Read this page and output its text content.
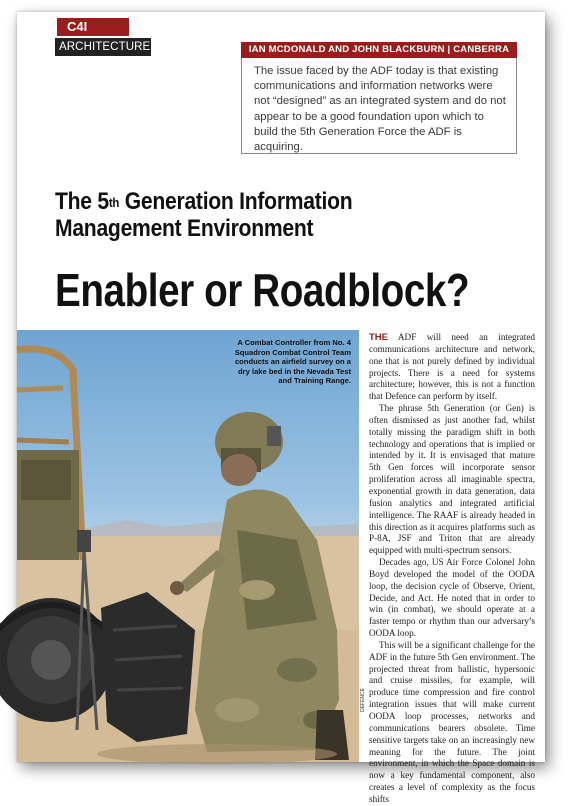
C4I
ARCHITECTURE	IAN MCDONALD AND JOHN BLACKBURN | CANBERRA
The issue faced by the ADF today is that existing communications and information networks were not “designed” as an integrated system and do not appear to be a good foundation upon which to build the 5th Generation Force the ADF is acquiring.
The 5th Generation Information
Management Environment
Enabler or Roadblock?
A Combat Controller from No. 4 Squadron Combat Control Team conducts an airfield survey on a dry lake bed in the Nevada Test and Training Range.
DEFENCE

THE ADF will need an integrated communications architecture and network, one that is not purely defined by individual projects. There is a need for systems architecture; however, this is not a function that Defence can perform by itself.

The phrase 5th Generation (or Gen) is often dismissed as just another fad, whilst totally missing the paradigm shift in both technology and operations that is implied or intended by it. It is envisaged that mature 5th Gen forces will incorporate sensor proliferation across all imaginable spectra, exponential growth in data generation, data fusion analytics and integrated artificial intelligence. The RAAF is already headed in this direction as it acquires platforms such as P-8A, JSF and Triton that are already equipped with multi-spectrum sensors.

Decades ago, US Air Force Colonel John Boyd developed the model of the OODA loop, the decision cycle of Observe, Orient, Decide, and Act. He noted that in order to win (in combat), we should operate at a faster tempo or rhythm than our adversary’s OODA loop.

This will be a significant challenge for the ADF in the future 5th Gen environment. The projected threat from ballistic, hypersonic and cruise missiles, for example, will produce time compression and fire control integration issues that will make current OODA loop processes, networks and communications bearers obsolete. Time sensitive targets take on an increasingly new meaning for the future. The joint environment, in which the Space domain is now a key fundamental component, also creates a level of complexity as the focus shifts
